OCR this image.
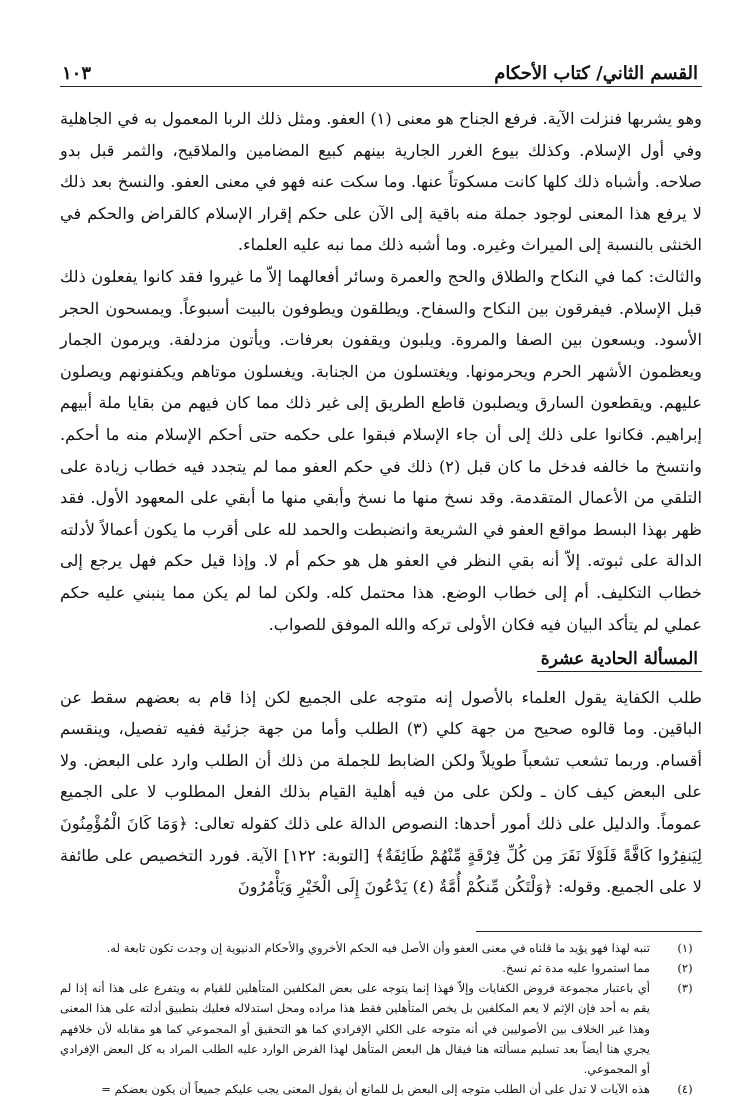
القسم الثاني/ كتاب الأحكام
١٠٣

وهو يشربها فنزلت الآية. فرفع الجناح هو معنى (١) العفو. ومثل ذلك الربا المعمول به في الجاهلية وفي أول الإسلام. وكذلك بيوع الغرر الجارية بينهم كبيع المضامين والملاقيح، والثمر قبل بدو صلاحه. وأشباه ذلك كلها كانت مسكوتاً عنها. وما سكت عنه فهو في معنى العفو. والنسخ بعد ذلك لا يرفع هذا المعنى لوجود جملة منه باقية إلى الآن على حكم إقرار الإسلام كالقراض والحكم في الخنثى بالنسبة إلى الميراث وغيره. وما أشبه ذلك مما نبه عليه العلماء.

والثالث: كما في النكاح والطلاق والحج والعمرة وسائر أفعالهما إلاّ ما غيروا فقد كانوا يفعلون ذلك قبل الإسلام. فيفرقون بين النكاح والسفاح. ويطلقون ويطوفون بالبيت أسبوعاً. ويمسحون الحجر الأسود. ويسعون بين الصفا والمروة. ويلبون ويقفون بعرفات. ويأتون مزدلفة. ويرمون الجمار ويعظمون الأشهر الحرم ويحرمونها. ويغتسلون من الجنابة. ويغسلون موتاهم ويكفنونهم ويصلون عليهم. ويقطعون السارق ويصلبون قاطع الطريق إلى غير ذلك مما كان فيهم من بقايا ملة أبيهم إبراهيم. فكانوا على ذلك إلى أن جاء الإسلام فبقوا على حكمه حتى أحكم الإسلام منه ما أحكم. وانتسخ ما خالفه فدخل ما كان قبل (٢) ذلك في حكم العفو مما لم يتجدد فيه خطاب زيادة على التلقي من الأعمال المتقدمة. وقد نسخ منها ما نسخ وأبقي منها ما أبقي على المعهود الأول. فقد ظهر بهذا البسط مواقع العفو في الشريعة وانضبطت والحمد لله على أقرب ما يكون أعمالاً لأدلته الدالة على ثبوته. إلاّ أنه بقي النظر في العفو هل هو حكم أم لا. وإذا قيل حكم فهل يرجع إلى خطاب التكليف. أم إلى خطاب الوضع. هذا محتمل كله. ولكن لما لم يكن مما ينبني عليه حكم عملي لم يتأكد البيان فيه فكان الأولى تركه والله الموفق للصواب.

المسألة الحادية عشرة

طلب الكفاية يقول العلماء بالأصول إنه متوجه على الجميع لكن إذا قام به بعضهم سقط عن الباقين. وما قالوه صحيح من جهة كلي (٣) الطلب وأما من جهة جزئية ففيه تفصيل، وينقسم أقسام. وربما تشعب تشعباً طويلاً ولكن الضابط للجملة من ذلك أن الطلب وارد على البعض. ولا على البعض كيف كان ـ ولكن على من فيه أهلية القيام بذلك الفعل المطلوب لا على الجميع عموماً. والدليل على ذلك أمور أحدها: النصوص الدالة على ذلك كقوله تعالى: ﴿وَمَا كَانَ الْمُؤْمِنُونَ لِيَنفِرُوا كَافَّةً فَلَوْلَا نَفَرَ مِن كُلِّ فِرْقَةٍ مِّنْهُمْ طَائِفَةٌ﴾ [التوبة: ١٢٢] الآية. فورد التخصيص على طائفة لا على الجميع. وقوله: ﴿وَلْتَكُن مِّنكُمْ أُمَّةٌ (٤) يَدْعُونَ إِلَى الْخَيْرِ وَيَأْمُرُونَ

(١)
تنبه لهذا فهو يؤيد ما قلناه في معنى العفو وأن الأصل فيه الحكم الأخروي والأحكام الدنيوية إن وجدت تكون تابعة له.
(٢)
مما استمروا عليه مدة ثم نسخ.
(٣)
أي باعتبار مجموعة فروض الكفايات وإلاّ فهذا إنما يتوجه على بعض المكلفين المتأهلين للقيام به ويتفرع على هذا أنه إذا لم يقم به أحد فإن الإثم لا يعم المكلفين بل يخص المتأهلين فقط هذا مراده ومحل استدلاله فعليك بتطبيق أدلته على هذا المعنى وهذا غير الخلاف بين الأصوليين في أنه متوجه على الكلي الإفرادي كما هو التحقيق أو المجموعي كما هو مقابله لأن خلافهم يجري هنا أيضاً بعد تسليم مسألته هنا فيقال هل البعض المتأهل لهذا الفرض الوارد عليه الطلب المراد به كل البعض الإفرادي أو المجموعي.
(٤)
هذه الآيات لا تدل على أن الطلب متوجه إلى البعض بل للمانع أن يقول المعنى يجب عليكم جميعاً أن يكون بعضكم =
